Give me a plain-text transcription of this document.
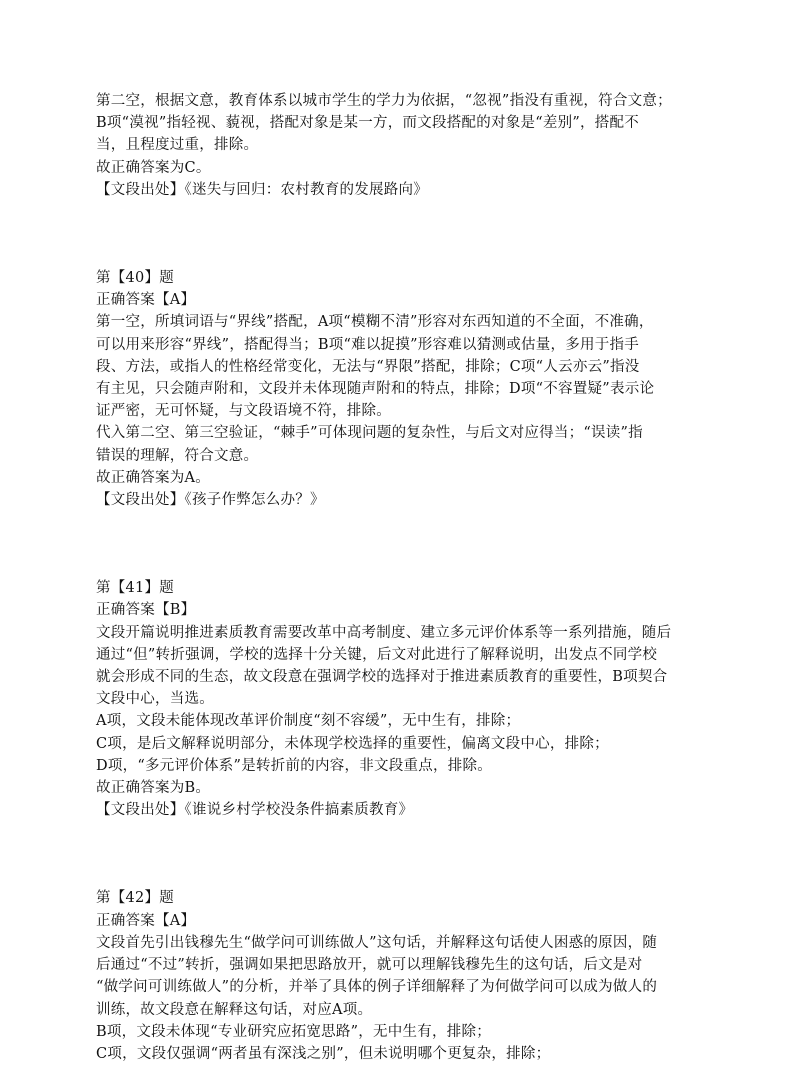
第二空，根据文意，教育体系以城市学生的学力为依据，“忽视”指没有重视，符合文意；
B项“漠视”指轻视、藐视，搭配对象是某一方，而文段搭配的对象是“差别”，搭配不
当，且程度过重，排除。
故正确答案为C。
【文段出处】《迷失与回归：农村教育的发展路向》
第【40】题
正确答案【A】
第一空，所填词语与“界线”搭配，A项“模糊不清”形容对东西知道的不全面，不准确，
可以用来形容“界线”，搭配得当；B项“难以捉摸”形容难以猜测或估量，多用于指手
段、方法，或指人的性格经常变化，无法与“界限”搭配，排除；C项“人云亦云”指没
有主见，只会随声附和，文段并未体现随声附和的特点，排除；D项“不容置疑”表示论
证严密，无可怀疑，与文段语境不符，排除。
代入第二空、第三空验证，“棘手”可体现问题的复杂性，与后文对应得当；“误读”指
错误的理解，符合文意。
故正确答案为A。
【文段出处】《孩子作弊怎么办？》
第【41】题
正确答案【B】
文段开篇说明推进素质教育需要改革中高考制度、建立多元评价体系等一系列措施，随后
通过“但”转折强调，学校的选择十分关键，后文对此进行了解释说明，出发点不同学校
就会形成不同的生态，故文段意在强调学校的选择对于推进素质教育的重要性，B项契合
文段中心，当选。
A项，文段未能体现改革评价制度“刻不容缓”，无中生有，排除；
C项，是后文解释说明部分，未体现学校选择的重要性，偏离文段中心，排除；
D项，“多元评价体系”是转折前的内容，非文段重点，排除。
故正确答案为B。
【文段出处】《谁说乡村学校没条件搞素质教育》
第【42】题
正确答案【A】
文段首先引出钱穆先生“做学问可训练做人”这句话，并解释这句话使人困惑的原因，随
后通过“不过”转折，强调如果把思路放开，就可以理解钱穆先生的这句话，后文是对
“做学问可训练做人”的分析，并举了具体的例子详细解释了为何做学问可以成为做人的
训练，故文段意在解释这句话，对应A项。
B项，文段未体现“专业研究应拓宽思路”，无中生有，排除；
C项，文段仅强调“两者虽有深浅之别”，但未说明哪个更复杂，排除；
